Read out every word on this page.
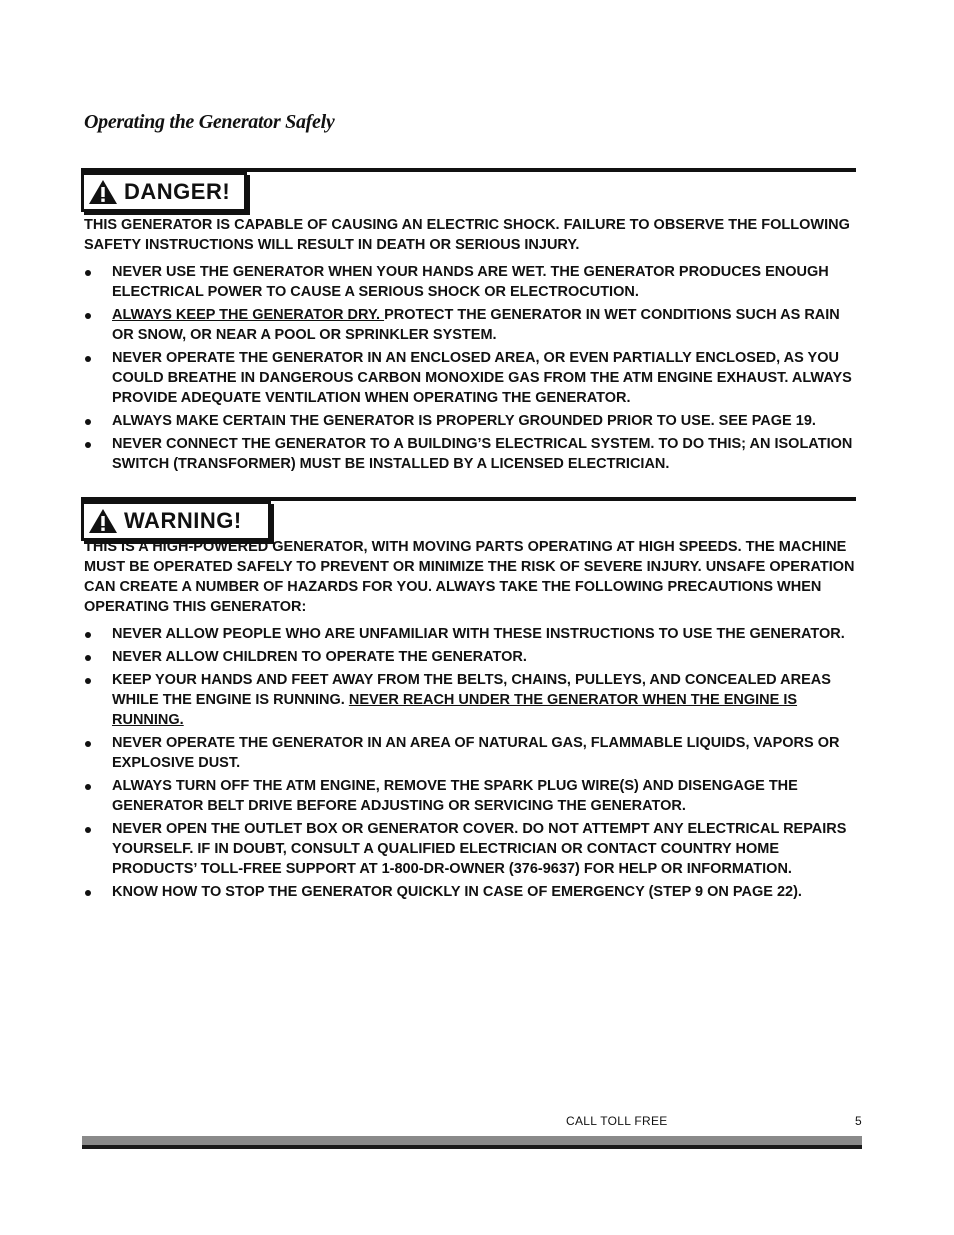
Operating the Generator Safely
DANGER!

THIS GENERATOR IS CAPABLE OF CAUSING AN ELECTRIC SHOCK. FAILURE TO OBSERVE THE FOLLOWING SAFETY INSTRUCTIONS WILL RESULT IN DEATH OR SERIOUS INJURY.

NEVER USE THE GENERATOR WHEN YOUR HANDS ARE WET. THE GENERATOR PRODUCES ENOUGH ELECTRICAL POWER TO CAUSE A SERIOUS SHOCK OR ELECTROCUTION.
ALWAYS KEEP THE GENERATOR DRY. PROTECT THE GENERATOR IN WET CONDITIONS SUCH AS RAIN OR SNOW, OR NEAR A POOL OR SPRINKLER SYSTEM.
NEVER OPERATE THE GENERATOR IN AN ENCLOSED AREA, OR EVEN PARTIALLY ENCLOSED, AS YOU COULD BREATHE IN DANGEROUS CARBON MONOXIDE GAS FROM THE ATM ENGINE EXHAUST. ALWAYS PROVIDE ADEQUATE VENTILATION WHEN OPERATING THE GENERATOR.
ALWAYS MAKE CERTAIN THE GENERATOR IS PROPERLY GROUNDED PRIOR TO USE. SEE PAGE 19.
NEVER CONNECT THE GENERATOR TO A BUILDING’S ELECTRICAL SYSTEM. TO DO THIS; AN ISOLATION SWITCH (TRANSFORMER) MUST BE INSTALLED BY A LICENSED ELECTRICIAN.
WARNING!

THIS IS A HIGH-POWERED GENERATOR, WITH MOVING PARTS OPERATING AT HIGH SPEEDS. THE MACHINE MUST BE OPERATED SAFELY TO PREVENT OR MINIMIZE THE RISK OF SEVERE INJURY. UNSAFE OPERATION CAN CREATE A NUMBER OF HAZARDS FOR YOU. ALWAYS TAKE THE FOLLOWING PRECAUTIONS WHEN OPERATING THIS GENERATOR:

NEVER ALLOW PEOPLE WHO ARE UNFAMILIAR WITH THESE INSTRUCTIONS TO USE THE GENERATOR.
NEVER ALLOW CHILDREN TO OPERATE THE GENERATOR.
KEEP YOUR HANDS AND FEET AWAY FROM THE BELTS, CHAINS, PULLEYS, AND CONCEALED AREAS WHILE THE ENGINE IS RUNNING. NEVER REACH UNDER THE GENERATOR WHEN THE ENGINE IS RUNNING.
NEVER OPERATE THE GENERATOR IN AN AREA OF NATURAL GAS, FLAMMABLE LIQUIDS, VAPORS OR EXPLOSIVE DUST.
ALWAYS TURN OFF THE ATM ENGINE, REMOVE THE SPARK PLUG WIRE(S) AND DISENGAGE THE GENERATOR BELT DRIVE BEFORE ADJUSTING OR SERVICING THE GENERATOR.
NEVER OPEN THE OUTLET BOX OR GENERATOR COVER. DO NOT ATTEMPT ANY ELECTRICAL REPAIRS YOURSELF. IF IN DOUBT, CONSULT A QUALIFIED ELECTRICIAN OR CONTACT COUNTRY HOME PRODUCTS’ TOLL-FREE SUPPORT AT 1-800-DR-OWNER (376-9637) FOR HELP OR INFORMATION.
KNOW HOW TO STOP THE GENERATOR QUICKLY IN CASE OF EMERGENCY (STEP 9 ON PAGE 22).
CALL TOLL FREE	5
